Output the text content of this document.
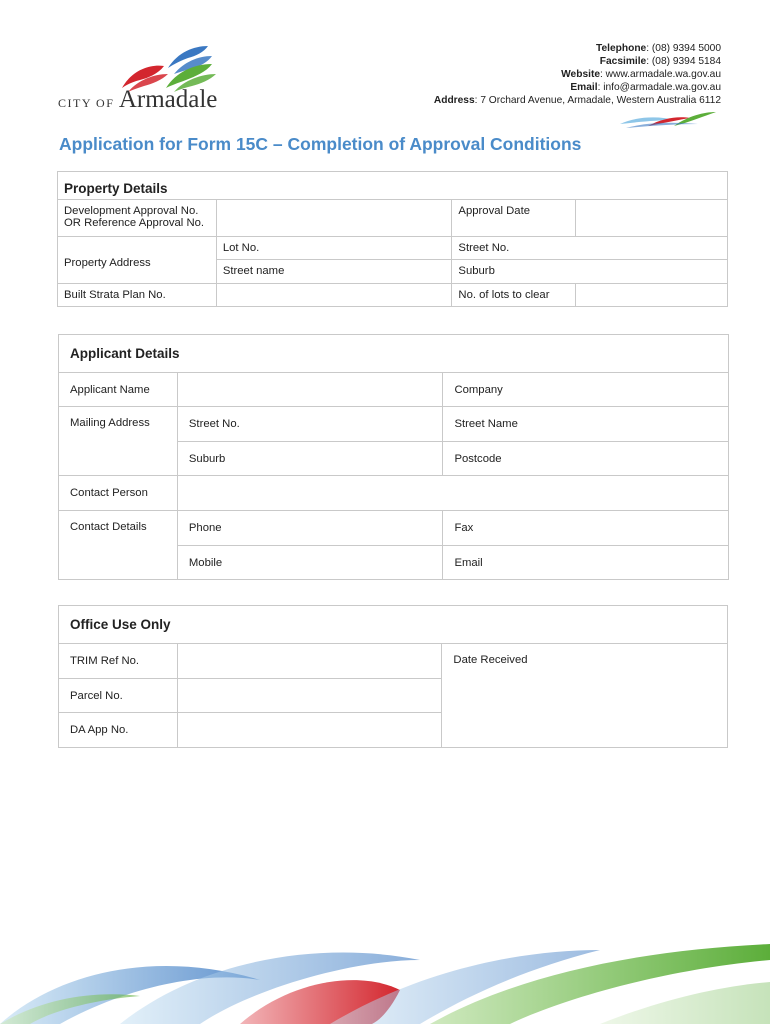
CITY OF Armadale
Telephone: (08) 9394 5000
Facsimile: (08) 9394 5184
Website: www.armadale.wa.gov.au
Email: info@armadale.wa.gov.au
Address: 7 Orchard Avenue, Armadale, Western Australia 6112
Application for Form 15C – Completion of Approval Conditions
Property Details			

Development Approval No.
OR Reference Approval No.		Approval Date	
Property Address	Lot No.	Street No.	
	Street name	Suburb	
Built Strata Plan No.		No. of lots to clear	
Applicant Details		
Applicant Name		Company
Mailing Address	Street No.	Street Name
	Suburb	Postcode
Contact Person		
Contact Details	Phone	Fax
	Mobile	Email
Office Use Only		
TRIM Ref No.		Date Received
Parcel No.		
DA App No.		
